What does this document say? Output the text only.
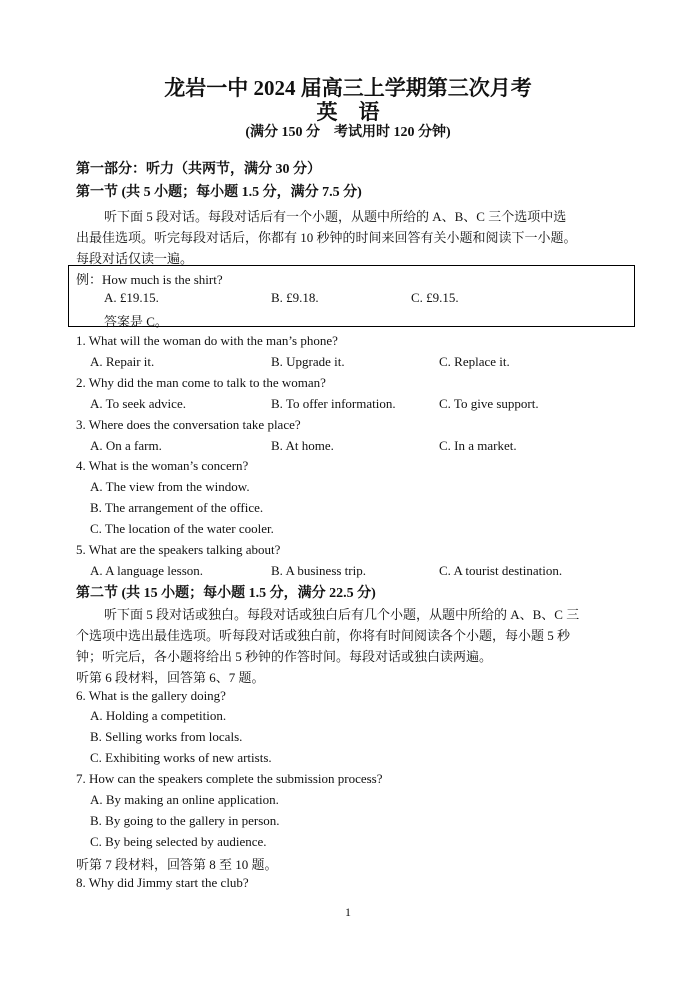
龙岩一中 2024 届高三上学期第三次月考
英　语
(满分 150 分　考试用时 120 分钟)
第一部分：听力（共两节，满分 30 分）
第一节 (共 5 小题；每小题 1.5 分，满分 7.5 分)
听下面 5 段对话。每段对话后有一个小题，从题中所给的 A、B、C 三个选项中选
出最佳选项。听完每段对话后，你都有 10 秒钟的时间来回答有关小题和阅读下一小题。
每段对话仅读一遍。
例：How much is the shirt?
A. £19.15.	B. £9.18.	C. £9.15.
答案是 C。
1. What will the woman do with the man’s phone?
A. Repair it.	B. Upgrade it.	C. Replace it.
2. Why did the man come to talk to the woman?
A. To seek advice.	B. To offer information.	C. To give support.
3. Where does the conversation take place?
A. On a farm.	B. At home.	C. In a market.
4. What is the woman’s concern?
A. The view from the window.
B. The arrangement of the office.
C. The location of the water cooler.
5. What are the speakers talking about?
A. A language lesson.	B. A business trip.	C. A tourist destination.
第二节 (共 15 小题；每小题 1.5 分，满分 22.5 分)
听下面 5 段对话或独白。每段对话或独白后有几个小题，从题中所给的 A、B、C 三
个选项中选出最佳选项。听每段对话或独白前，你将有时间阅读各个小题，每小题 5 秒
钟；听完后，各小题将给出 5 秒钟的作答时间。每段对话或独白读两遍。
听第 6 段材料，回答第 6、7 题。
6. What is the gallery doing?
A. Holding a competition.
B. Selling works from locals.
C. Exhibiting works of new artists.
7. How can the speakers complete the submission process?
A. By making an online application.
B. By going to the gallery in person.
C. By being selected by audience.
听第 7 段材料，回答第 8 至 10 题。
8. Why did Jimmy start the club?
1
